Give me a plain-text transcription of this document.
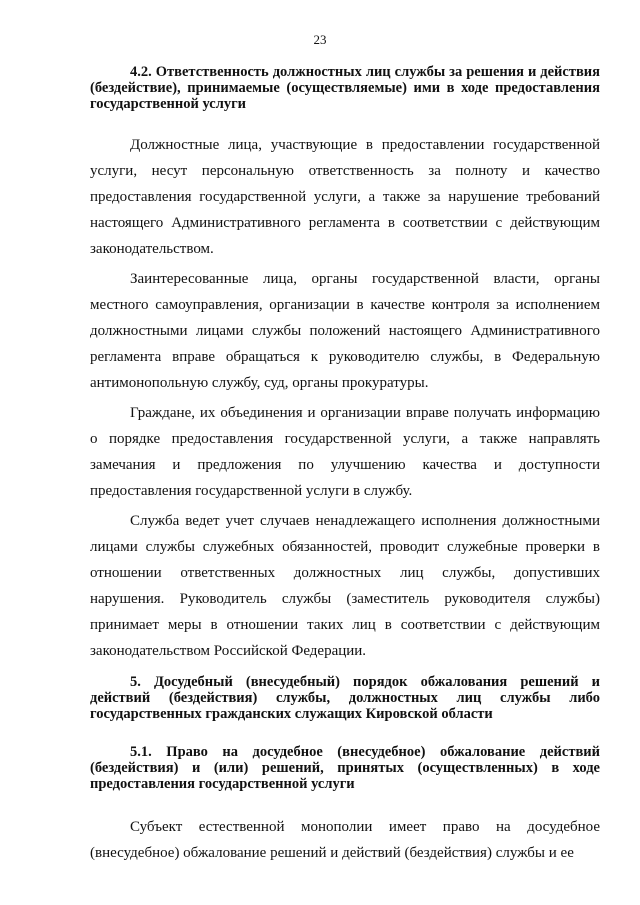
23

4.2. Ответственность должностных лиц службы за решения и действия (бездействие), принимаемые (осуществляемые) ими в ходе предоставления государственной услуги

Должностные лица, участвующие в предоставлении государственной услуги, несут персональную ответственность за полноту и качество предоставления государственной услуги, а также за нарушение требований настоящего Административного регламента в соответствии с действующим законодательством.

Заинтересованные лица, органы государственной власти, органы местного самоуправления, организации в качестве контроля за исполнением должностными лицами службы положений настоящего Административного регламента вправе обращаться к руководителю службы, в Федеральную антимонопольную службу, суд, органы прокуратуры.

Граждане, их объединения и организации вправе получать информацию о порядке предоставления государственной услуги, а также направлять замечания и предложения по улучшению качества и доступности предоставления государственной услуги в службу.

Служба ведет учет случаев ненадлежащего исполнения должностными лицами службы служебных обязанностей, проводит служебные проверки в отношении ответственных должностных лиц службы, допустивших нарушения. Руководитель службы (заместитель руководителя службы) принимает меры в отношении таких лиц в соответствии с действующим законодательством Российской Федерации.

5. Досудебный (внесудебный) порядок обжалования решений и действий (бездействия) службы, должностных лиц службы либо государственных гражданских служащих Кировской области

5.1. Право на досудебное (внесудебное) обжалование действий (бездействия) и (или) решений, принятых (осуществленных) в ходе предоставления государственной услуги

Субъект естественной монополии имеет право на досудебное (внесудебное) обжалование решений и действий (бездействия) службы и ее
